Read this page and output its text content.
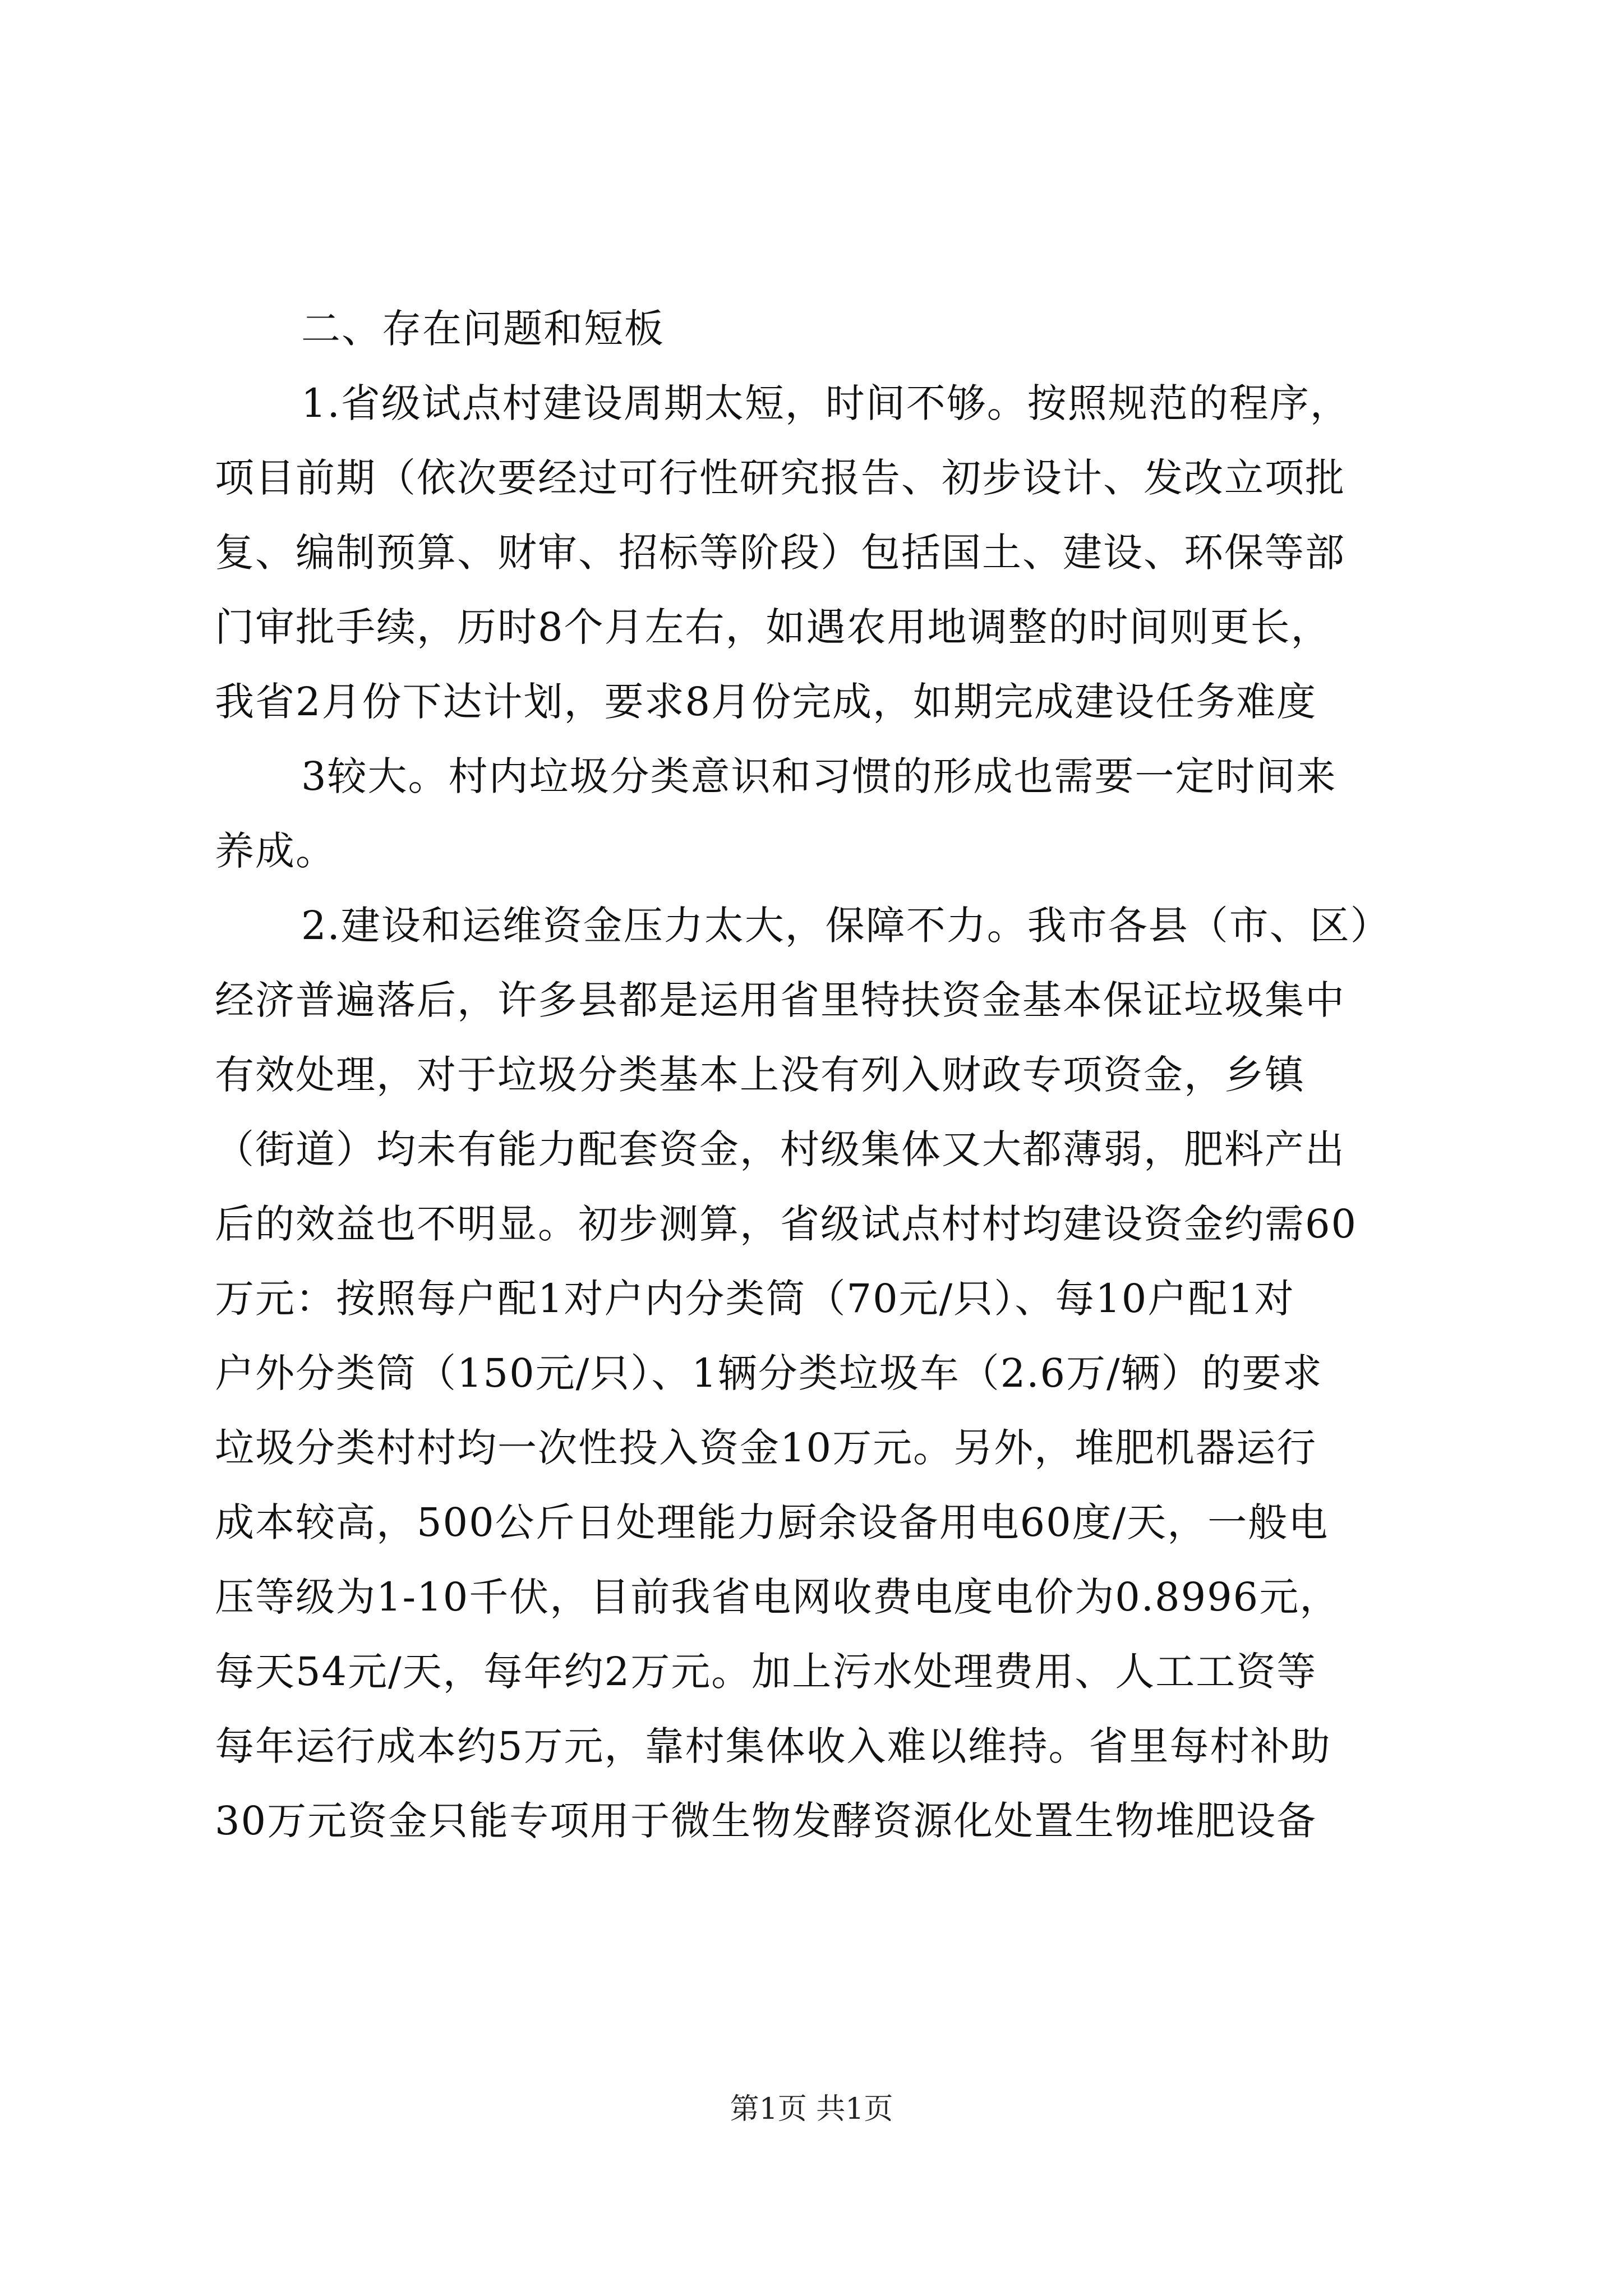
二、存在问题和短板
1.省级试点村建设周期太短，时间不够。按照规范的程序，
项目前期（依次要经过可行性研究报告、初步设计、发改立项批
复、编制预算、财审、招标等阶段）包括国土、建设、环保等部
门审批手续，历时8个月左右，如遇农用地调整的时间则更长，
我省2月份下达计划，要求8月份完成，如期完成建设任务难度
3较大。村内垃圾分类意识和习惯的形成也需要一定时间来
养成。
2.建设和运维资金压力太大，保障不力。我市各县（市、区）
经济普遍落后，许多县都是运用省里特扶资金基本保证垃圾集中
有效处理，对于垃圾分类基本上没有列入财政专项资金，乡镇
（街道）均未有能力配套资金，村级集体又大都薄弱，肥料产出
后的效益也不明显。初步测算，省级试点村村均建设资金约需60
万元：按照每户配1对户内分类筒（70元/只）、每10户配1对
户外分类筒（150元/只）、1辆分类垃圾车（2.6万/辆）的要求
垃圾分类村村均一次性投入资金10万元。另外，堆肥机器运行
成本较高，500公斤日处理能力厨余设备用电60度/天，一般电
压等级为1-10千伏，目前我省电网收费电度电价为0.8996元，
每天54元/天，每年约2万元。加上污水处理费用、人工工资等
每年运行成本约5万元，靠村集体收入难以维持。省里每村补助
30万元资金只能专项用于微生物发酵资源化处置生物堆肥设备
第1页 共1页
